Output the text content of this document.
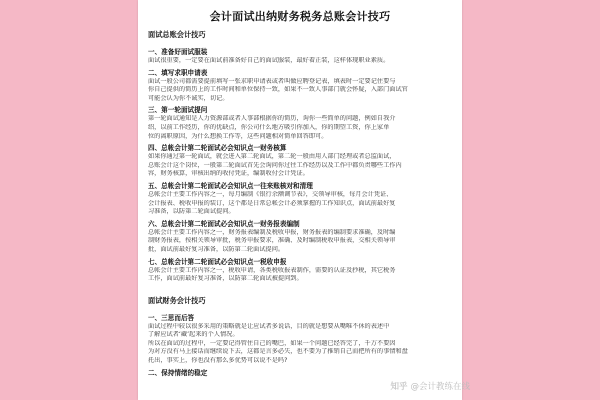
会计面试出纳财务税务总账会计技巧
面试总账会计技巧
一、准备好面试服装
面试很重要，一定要在面试前准备好自己的面试服装，最好着正装，这样体现职业素质。
二、填写求职申请表
面试一般公司都需要提前填写一张求职申请表或者叫做应聘登记表，填表时一定要记住要与
你自己提供的简历上的工作时间和单位保持一致，如果不一致人事部门就会怀疑，入部门面试官
可能会认为你不诚实，切记。
三、第一轮面试提问
第一轮面试通知是人力资源部或者人事部根据你的简历，询你一些简单的问题，例如自我介
绍，以前工作经历，你的优缺点，你公司什么地方吸引你加入，你的期望工资，你上家单
位的离职原因，为什么想换工作等，这些问题相对简单回答即可。
四、总帐会计第二轮面试必会知识点一财务核算
如果你通过第一轮面试，就会进入第二轮面试，第二轮一般由用人部门经理或者总监面试，
总账会计这个岗位，一般第二轮面试首先会询问你过往工作经历以及工作中都负责哪些工作内
容，财务核算，审核出纳的收付凭证，编制收付会计凭证。
五、总帐会计第二轮面试必会知识点一往来账核对和清理
总帐会计主要工作内容之一，每月编制《银行余额调节表》，交领导审核，每月会计凭证、
会计报表、税收申报的装订，这个都是日常总帐会计必须掌握的工作知识点，面试前最好复
习准备，以防第二轮面试提问。
六、总帐会计第二轮面试必会知识点一财务报表编制
总帐会计主要工作内容之一，财务报表编制及税收申报，财务报表的编制要求准确，及时编
制财务报表，按相关领导审批，税务申报要求，准确、及时编制税收申报表，交相关领导审
批，面试前最好复习准备，以防第二轮面试提问。
七、总帐会计第二轮面试必会知识点一税收申报
总帐会计主要工作内容之一，税收申请，各类税收报表制作，需要的认证及抄税，其它税务
工作，面试前最好复习准备，以防第二轮面试被提问到。
面试财务会计技巧
一、三思而后答
面试过程中较以很多采用的策略就是让应试者多说话，目的就是想要从嘴唯不休的表述中
了解应试者‘藏’起来的个人情况。
所以在面试的过程中，一定要记得管住自己的嘴巴，如果一个问题已经答完了，千万不要因
为对方没有马上接话而继续说下去，这都是言多必失，也不要为了推销自己而把所有的事情和盘
托出，事实上，你也没有那么多优势可以说不是吗?
二、保持情绪的稳定
知乎 @会计教练在线
